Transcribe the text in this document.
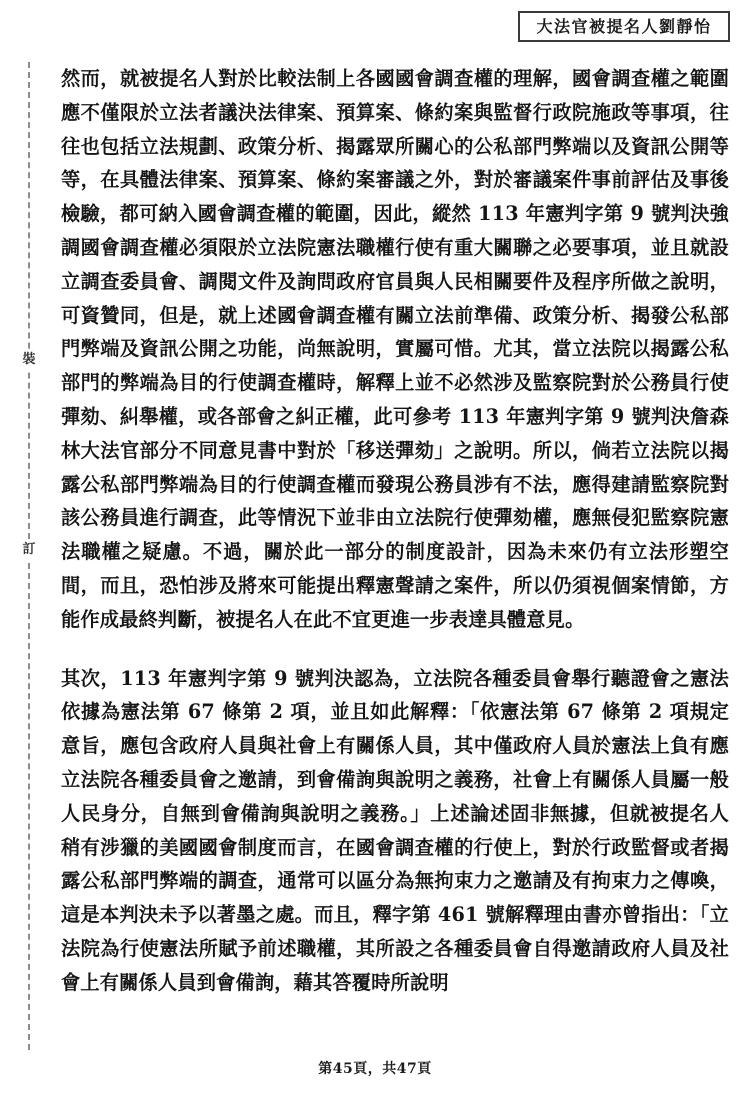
大法官被提名人劉靜怡
裝
訂

然而，就被提名人對於比較法制上各國國會調查權的理解，國會調查權之範圍應不僅限於立法者議決法律案、預算案、條約案與監督行政院施政等事項，往往也包括立法規劃、政策分析、揭露眾所關心的公私部門弊端以及資訊公開等等，在具體法律案、預算案、條約案審議之外，對於審議案件事前評估及事後檢驗，都可納入國會調查權的範圍，因此，縱然 113 年憲判字第 9 號判決強調國會調查權必須限於立法院憲法職權行使有重大關聯之必要事項，並且就設立調查委員會、調閱文件及詢問政府官員與人民相關要件及程序所做之說明，可資贊同，但是，就上述國會調查權有關立法前準備、政策分析、揭發公私部門弊端及資訊公開之功能，尚無說明，實屬可惜。尤其，當立法院以揭露公私部門的弊端為目的行使調查權時，解釋上並不必然涉及監察院對於公務員行使彈劾、糾舉權，或各部會之糾正權，此可參考 113 年憲判字第 9 號判決詹森林大法官部分不同意見書中對於「移送彈劾」之說明。所以，倘若立法院以揭露公私部門弊端為目的行使調查權而發現公務員涉有不法，應得建請監察院對該公務員進行調查，此等情況下並非由立法院行使彈劾權，應無侵犯監察院憲法職權之疑慮。不過，關於此一部分的制度設計，因為未來仍有立法形塑空間，而且，恐怕涉及將來可能提出釋憲聲請之案件，所以仍須視個案情節，方能作成最終判斷，被提名人在此不宜更進一步表達具體意見。

其次，113 年憲判字第 9 號判決認為，立法院各種委員會舉行聽證會之憲法依據為憲法第 67 條第 2 項，並且如此解釋：「依憲法第 67 條第 2 項規定意旨，應包含政府人員與社會上有關係人員，其中僅政府人員於憲法上負有應立法院各種委員會之邀請，到會備詢與說明之義務，社會上有關係人員屬一般人民身分，自無到會備詢與說明之義務。」上述論述固非無據，但就被提名人稍有涉獵的美國國會制度而言，在國會調查權的行使上，對於行政監督或者揭露公私部門弊端的調查，通常可以區分為無拘束力之邀請及有拘束力之傳喚，這是本判決未予以著墨之處。而且，釋字第 461 號解釋理由書亦曾指出：「立法院為行使憲法所賦予前述職權，其所設之各種委員會自得邀請政府人員及社會上有關係人員到會備詢，藉其答覆時所說明

第45頁，共47頁
